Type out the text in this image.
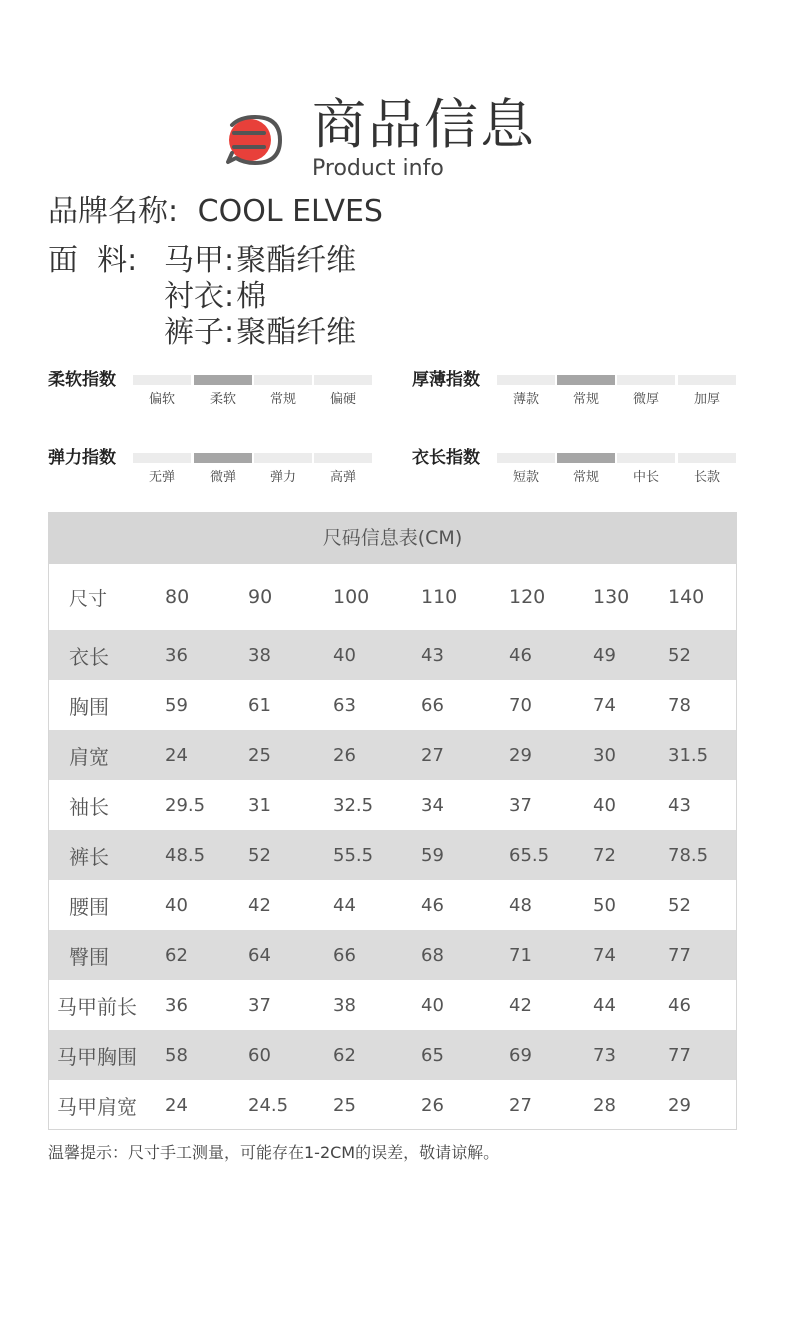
商品信息
Product info
品牌名称: COOL ELVES
面  料: 马甲:聚酯纤维
衬衣:棉
裤子:聚酯纤维
柔软指数
偏软	柔软	常规	偏硬
厚薄指数
薄款	常规	微厚	加厚
弹力指数
无弹	微弹	弹力	高弹
衣长指数
短款	常规	中长	长款
尺码信息表(CM)
尺寸	80	90	100	110	120	130	140
衣长	36	38	40	43	46	49	52
胸围	59	61	63	66	70	74	78
肩宽	24	25	26	27	29	30	31.5
袖长	29.5	31	32.5	34	37	40	43
裤长	48.5	52	55.5	59	65.5	72	78.5
腰围	40	42	44	46	48	50	52
臀围	62	64	66	68	71	74	77
马甲前长	36	37	38	40	42	44	46
马甲胸围	58	60	62	65	69	73	77
马甲肩宽	24	24.5	25	26	27	28	29
温馨提示：尺寸手工测量，可能存在1-2CM的误差，敬请谅解。
